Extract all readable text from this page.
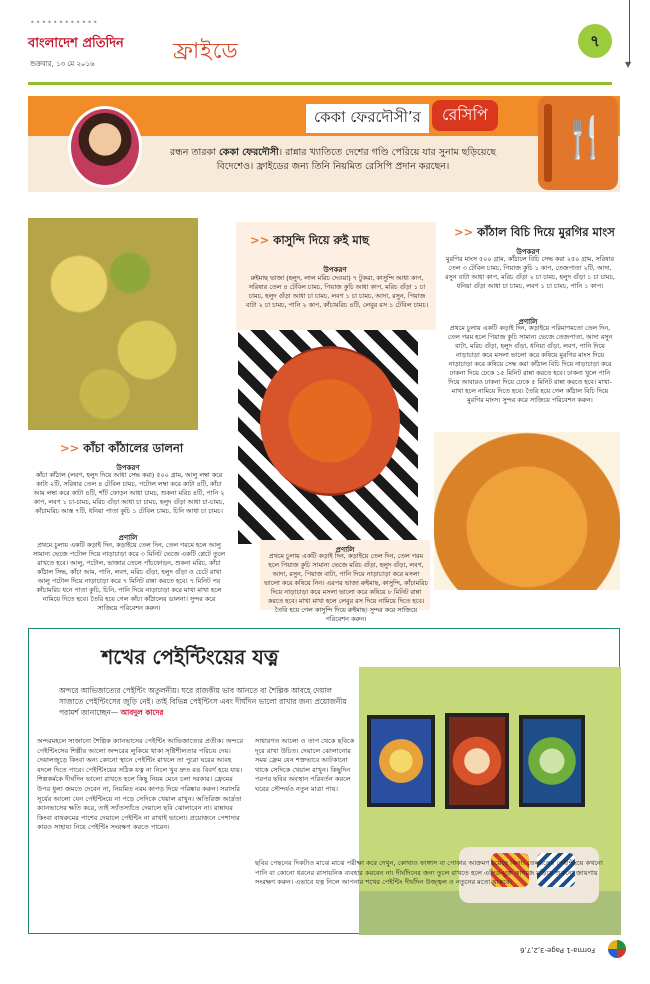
••••••••••••
বাংলাদেশ প্রতিদিন
শুক্রবার, ১৩ মে ২০১৬	ফ্রাইডে	৭
▼
কেকা ফেরদৌসী’র	রেসিপি
রন্ধন তারকা কেকা ফেরদৌসী। রান্নার খ্যাতিতে দেশের গণ্ডি পেরিয়ে যার সুনাম ছড়িয়েছে বিদেশেও। ফ্রাইডের জন্য তিনি নিয়মিত রেসিপি প্রদান করছেন।
🍴
>> কাসুন্দি দিয়ে রুই মাছ
উপকরণ
রুইমাছ ভাজা (হলুদ, লাল মরিচ দেওয়া) ৭ টুকরা, কাসুন্দি আধা কাপ, সরিষার তেল ৪ টেবিল চামচ, পিয়াজ কুচি আধা কাপ, মরিচ গুঁড়া ১ চা চামচ, হলুদ গুঁড়া আধা চা চামচ, লবণ ১ চা চামচ, আদা, রসুন, পিয়াজ বাটা ২ চা চামচ, পানি ২ কাপ, কাঁচামরিচ ৪টি, লেবুর রস ১ টেবিল চামচ।
প্রণালি
প্রথমে চুলায় একটি কড়াই দিন, কড়াইয়ে তেল দিন, তেল গরম হলে পিয়াজ কুচি সামান্য ভেজে মরিচ গুঁড়া, হলুদ গুঁড়া, লবণ, আদা, রসুন, পিয়াজ বাটা, পানি দিয়ে নাড়াচাড়া করে মসলা ভালো করে কষিয়ে নিন। এরপর ভাজা রুইমাছ, কাসুন্দি, কাঁচামরিচ দিয়ে নাড়াচাড়া করে মসলা ভালো করে কষিয়ে ৮ মিনিট রান্না করতে হবে। মাখা মাখা হলে লেবুর রস দিয়ে নামিয়ে দিতে হবে। তৈরি হয়ে গেল কাসুন্দি দিয়ে রুইমাছ। সুন্দর করে সাজিয়ে পরিবেশন করুন।
>> কাঁঠাল বিচি দিয়ে মুরগির মাংস
উপকরণ
মুরগির মাংস ৫০০ গ্রাম, কাঁঠালে বিচি সেদ্ধ করা ২৫০ গ্রাম, সরিষার তেল ৩ টেবিল চামচ, পিয়াজ কুচি ১ কাপ, তেজপাতা ২টি, আদা, রসুন বাটা আধা কাপ, মরিচ গুঁড়া ২ চা চামচ, হলুদ গুঁড়া ১ চা চামচ, ধনিয়া গুঁড়া আধা চা চামচ, লবণ ১ চা চামচ, পানি ১ কাপ।
প্রণালি
প্রথমে চুলায় একটি কড়াই দিন, কড়াইয়ে পরিমাণমতো তেল দিন, তেল গরম হলে পিয়াজ কুচি সামান্য ভেজে তেজপাতা, আদা রসুন বাটা, মরিচ গুঁড়া, হলুদ গুঁড়া, ধনিয়া গুঁড়া, লবণ, পানি দিয়ে নাড়াচাড়া করে মসলা ভালো করে কষিয়ে মুরগির মাংস দিয়ে নাড়াচাড়া করে কষিয়ে সেদ্ধ করা কাঁঠাল বিচি দিয়ে নাড়াচাড়া করে ঢাকনা দিয়ে ঢেকে ১৫ মিনিট রান্না করতে হবে। ঢাকনা খুলে পানি দিয়ে আবারও ঢাকনা দিয়ে ঢেকে ৫ মিনিট রান্না করতে হবে। মাখা-মাখা হলে নামিয়ে দিতে হবে। তৈরি হয়ে গেল কাঁঠাল বিচি দিয়ে মুরগির মাংস। সুন্দর করে সাজিয়ে পরিবেশন করুন।
>> কাঁচা কাঁঠালের ডালনা
উপকরণ
কাঁচা কাঁঠাল (লবণ, হলুদ দিয়ে আধা সেদ্ধ করা) ৫০০ গ্রাম, আলু লম্বা করে কাটা ২টি, সরিষার তেল ৪ টেবিল চামচ, পটোল লম্বা করে কাটা ৪টি, কাঁচা আম লম্বা করে কাটা ৪টি, শাঁট ফোড়ন আধা চামচ, শুকনা মরিচ ৪টি, পানি ২ কাপ, লবণ ১ চা-চামচ, মরিচ গুঁড়া আধা চা চামচ, হলুদ গুঁড়া আধা চা-চামচ, কাঁচামরিচ আস্ত ৭টি, ধনিয়া পাতা কুচি ১ টেবিল চামচ, চিনি আধা চা চামচ।
প্রণালি
প্রথমে চুলায় একটি কড়াই দিন, কড়াইয়ে তেল দিন, তেল গরমে হলে আলু সামান্য ভেজে পটোল দিয়ে নাড়াচাড়া করে ৩ মিনিট ভেজে একটি প্লেটে তুলে রাখতে হবে। আলু, পটোল, ভাজার তেলে পাঁচফোড়ন, শুকনা মরিচ, কাঁচা কাঁঠাল সিদ্ধ, কাঁচা আম, পানি, লবণ, মরিচ গুঁড়া, হলুদ গুঁড়া ও চেটে রাখা আলু পটোল দিয়ে নাড়াচাড়া করে ৭ মিনিট রান্না করতে হবে। ৭ মিনিট পর কাঁচামরিচ ধনে পাতা কুচি, চিনি, পানি দিয়ে নাড়াচাড়া করে মাখা মাখা হলে নামিয়ে দিতে হবে। তৈরি হয়ে গেল কাঁচা কাঁঠালের ডালনা। সুন্দর করে সাজিয়ে পরিবেশন করুন।
শখের পেইন্টিংয়ের যত্ন
অন্দরে আভিজাত্যের পেইন্টিং অতুলনীয়। ঘরে রাজকীয় ভাব আনতে বা শৈল্পিক আবহে দেয়াল সাজাতে পেইন্টিংসের জুড়ি নেই। তাই বিভিন্ন পেইন্টিংস এবং দীর্ঘদিন ভালো রাখার জন্য প্রয়োজনীয় পরামর্শ জানাচ্ছেন— আবদুল কাদের
অন্দরমহলে সাজানো শৈল্পিক ক্যানভাসের পেইন্টিং আভিজাত্যের প্রতীক। অন্দরে পেইন্টিংসের শিল্পীর আলো অন্দরের লুকিয়ে থাকা সৃষ্টিশীলতার পরিচয় দেয়। দেয়ালজুড়ে কিংবা অন্য কোনো স্থানে পেইন্টিং রাখলে তা পুরো ঘরের আবহ বদলে দিতে পারে। পেইন্টিংয়ের সঠিক যত্ন না নিলে খুব দ্রুত রঙ বিবর্ণ হয়ে যায়। শিল্পকর্মকে দীর্ঘদিন ভালো রাখতে হলে কিছু নিয়ম মেনে চলা দরকার। ফ্রেমের উপর ধুলা জমতে দেবেন না, নিয়মিত নরম কাপড় দিয়ে পরিষ্কার করুন। সরাসরি সূর্যের আলো যেন পেইন্টিংয়ে না পড়ে সেদিকে খেয়াল রাখুন। অতিরিক্ত আর্দ্রতা ক্যানভাসের ক্ষতি করে, তাই স্যাঁতস্যাঁতে দেয়ালে ছবি ঝোলাবেন না। রান্নাঘর কিংবা বাথরুমের পাশের দেয়ালে পেইন্টিং না রাখাই ভালো। প্রয়োজনে পেশাদার কারও সাহায্য নিয়ে পেইন্টিং সংরক্ষণ করতে পারেন।
সাধারণত আলো ও তাপ থেকে ছবিকে দূরে রাখা উচিত। দেয়ালে ঝোলানোর সময় ফ্রেম যেন শক্তভাবে আটকানো থাকে সেদিকে খেয়াল রাখুন। কিছুদিন পরপর ছবির অবস্থান পরিবর্তন করলে ঘরের সৌন্দর্যও নতুন মাত্রা পায়।
ছবির পেছনের দিকটাও মাঝে মাঝে পরীক্ষা করে দেখুন, কোথাও ফাঙ্গাস বা পোকার আক্রমণ হয়েছে কিনা। তেলরঙের পেইন্টিংয়ে কখনো পানি বা কোনো ধরনের রাসায়নিক ব্যবহার করবেন না। দীর্ঘদিনের জন্য তুলে রাখতে হলে এসিড-মুক্ত কাগজে মুড়িয়ে শুকনো জায়গায় সংরক্ষণ করুন। এভাবে যত্ন নিলে আপনার শখের পেইন্টিং দীর্ঘদিন উজ্জ্বল ও নতুনের মতো থাকবে।
Forma-1 Page-3,2,7,6
